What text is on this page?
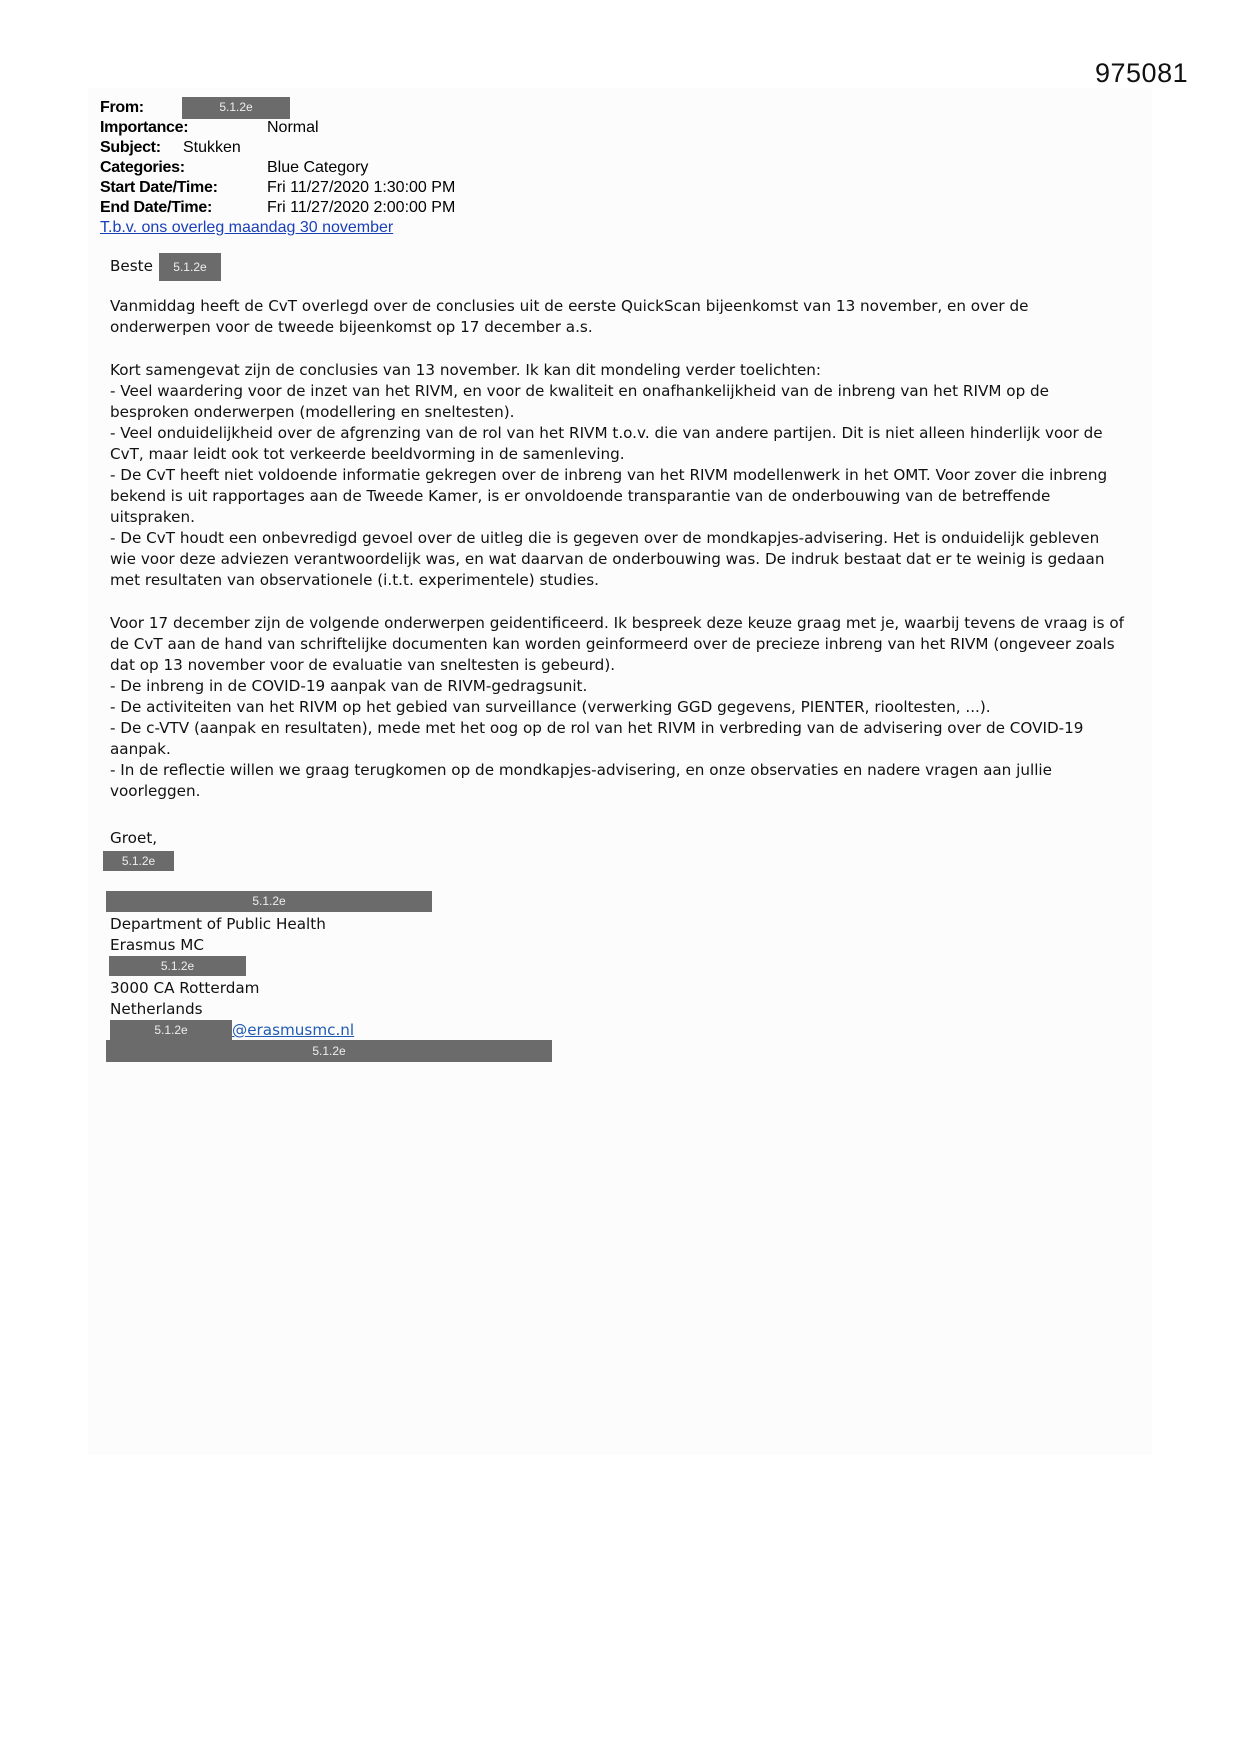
975081
From:	5.1.2e
Importance:	Normal
Subject: Stukken
Categories:	Blue Category
Start Date/Time:	Fri 11/27/2020 1:30:00 PM
End Date/Time:	Fri 11/27/2020 2:00:00 PM
T.b.v. ons overleg maandag 30 november

Beste 5.1.2e

Vanmiddag heeft de CvT overlegd over de conclusies uit de eerste QuickScan bijeenkomst van 13 november, en over de onderwerpen voor de tweede bijeenkomst op 17 december a.s.

Kort samengevat zijn de conclusies van 13 november. Ik kan dit mondeling verder toelichten:

- Veel waardering voor de inzet van het RIVM, en voor de kwaliteit en onafhankelijkheid van de inbreng van het RIVM op de besproken onderwerpen (modellering en sneltesten).

- Veel onduidelijkheid over de afgrenzing van de rol van het RIVM t.o.v. die van andere partijen. Dit is niet alleen hinderlijk voor de CvT, maar leidt ook tot verkeerde beeldvorming in de samenleving.

- De CvT heeft niet voldoende informatie gekregen over de inbreng van het RIVM modellenwerk in het OMT. Voor zover die inbreng bekend is uit rapportages aan de Tweede Kamer, is er onvoldoende transparantie van de onderbouwing van de betreffende uitspraken.

- De CvT houdt een onbevredigd gevoel over de uitleg die is gegeven over de mondkapjes-advisering. Het is onduidelijk gebleven wie voor deze adviezen verantwoordelijk was, en wat daarvan de onderbouwing was. De indruk bestaat dat er te weinig is gedaan met resultaten van observationele (i.t.t. experimentele) studies.

Voor 17 december zijn de volgende onderwerpen geidentificeerd. Ik bespreek deze keuze graag met je, waarbij tevens de vraag is of de CvT aan de hand van schriftelijke documenten kan worden geinformeerd over de precieze inbreng van het RIVM (ongeveer zoals dat op 13 november voor de evaluatie van sneltesten is gebeurd).

- De inbreng in de COVID-19 aanpak van de RIVM-gedragsunit.

- De activiteiten van het RIVM op het gebied van surveillance (verwerking GGD gegevens, PIENTER, riooltesten, ...).

- De c-VTV (aanpak en resultaten), mede met het oog op de rol van het RIVM in verbreding van de advisering over de COVID-19 aanpak.

- In de reflectie willen we graag terugkomen op de mondkapjes-advisering, en onze observaties en nadere vragen aan jullie voorleggen.

Groet,
5.1.2e
5.1.2e
Department of Public Health
Erasmus MC
5.1.2e
3000 CA Rotterdam
Netherlands
5.1.2e	@erasmusmc.nl
5.1.2e
